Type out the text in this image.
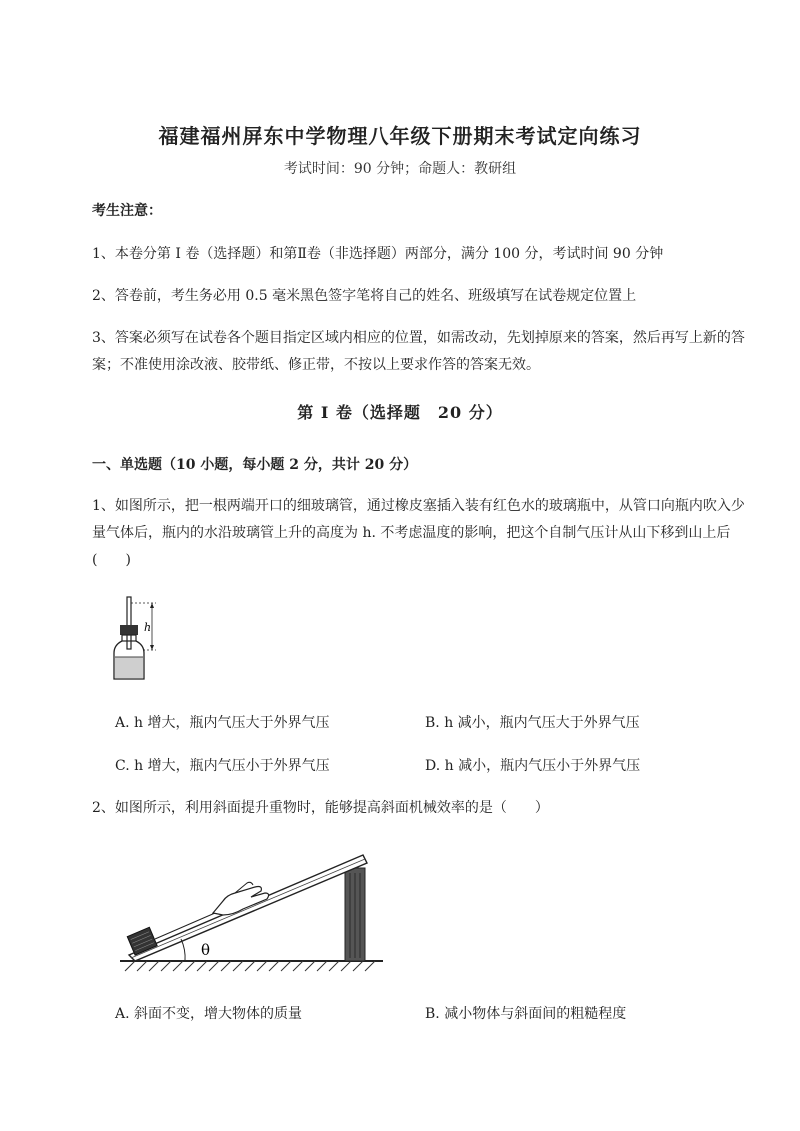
福建福州屏东中学物理八年级下册期末考试定向练习
考试时间：90 分钟；命题人：教研组
考生注意：
1、本卷分第 I 卷（选择题）和第Ⅱ卷（非选择题）两部分，满分 100 分，考试时间 90 分钟
2、答卷前，考生务必用 0.5 毫米黑色签字笔将自己的姓名、班级填写在试卷规定位置上
3、答案必须写在试卷各个题目指定区域内相应的位置，如需改动，先划掉原来的答案，然后再写上新的答案；不准使用涂改液、胶带纸、修正带，不按以上要求作答的答案无效。
第 I 卷（选择题　20 分）
一、单选题（10 小题，每小题 2 分，共计 20 分）
1、如图所示，把一根两端开口的细玻璃管，通过橡皮塞插入装有红色水的玻璃瓶中，从管口向瓶内吹入少量气体后，瓶内的水沿玻璃管上升的高度为 h. 不考虑温度的影响，把这个自制气压计从山下移到山上后(　　)
h
A. h 增大，瓶内气压大于外界气压	B. h 减小，瓶内气压大于外界气压
C. h 增大，瓶内气压小于外界气压	D. h 减小，瓶内气压小于外界气压
2、如图所示，利用斜面提升重物时，能够提高斜面机械效率的是（　　）
θ
A. 斜面不变，增大物体的质量	B. 减小物体与斜面间的粗糙程度
